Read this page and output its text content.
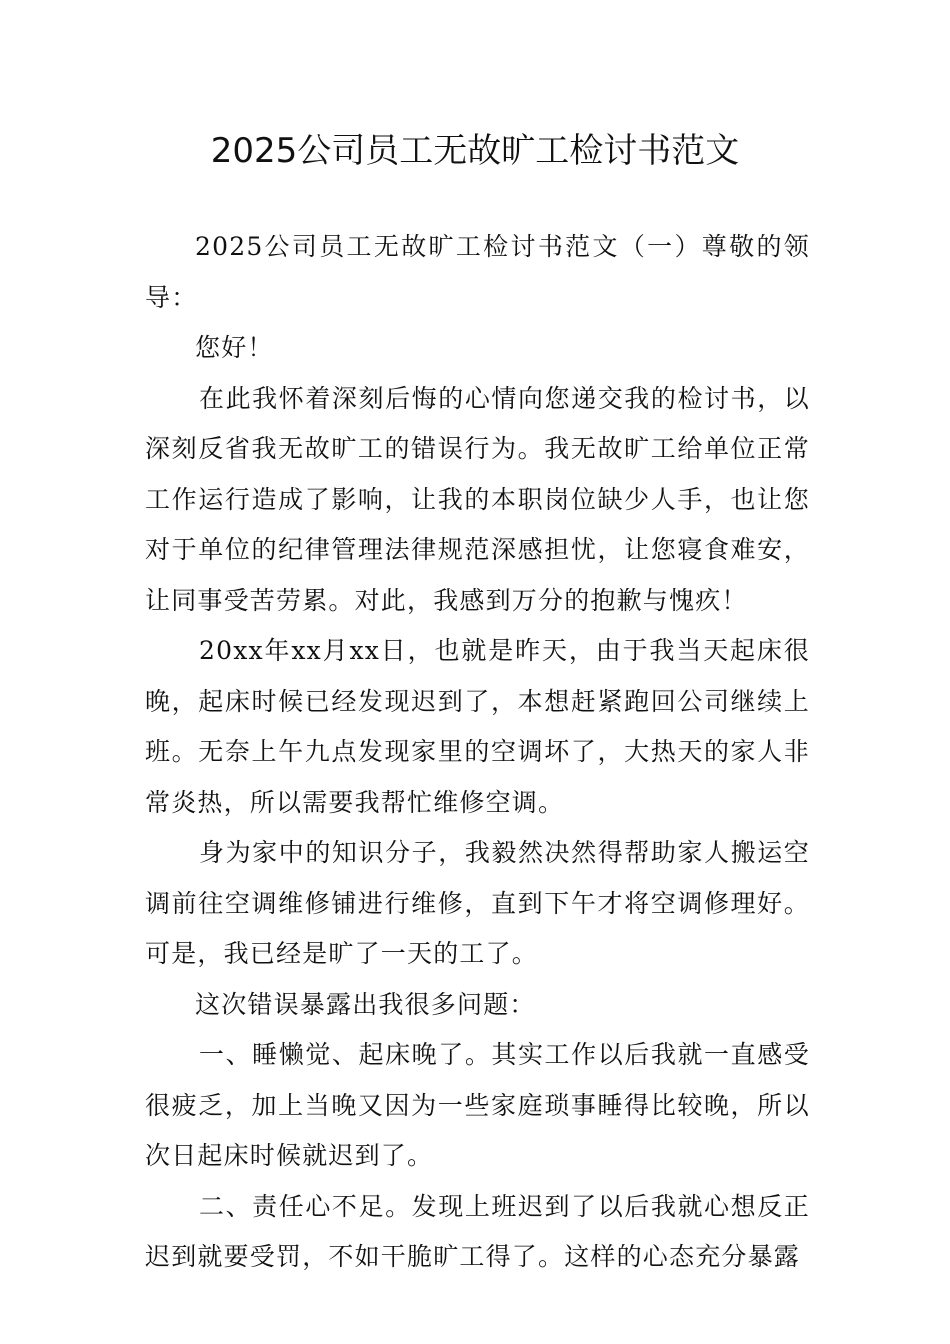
2025公司员工无故旷工检讨书范文

2025公司员工无故旷工检讨书范文（一）尊敬的领导：

您好！

在此我怀着深刻后悔的心情向您递交我的检讨书，以深刻反省我无故旷工的错误行为。我无故旷工给单位正常工作运行造成了影响，让我的本职岗位缺少人手，也让您对于单位的纪律管理法律规范深感担忧，让您寝食难安，让同事受苦劳累。对此，我感到万分的抱歉与愧疚！

20xx年xx月xx日，也就是昨天，由于我当天起床很晚，起床时候已经发现迟到了，本想赶紧跑回公司继续上班。无奈上午九点发现家里的空调坏了，大热天的家人非常炎热，所以需要我帮忙维修空调。

身为家中的知识分子，我毅然决然得帮助家人搬运空调前往空调维修铺进行维修，直到下午才将空调修理好。可是，我已经是旷了一天的工了。

这次错误暴露出我很多问题：

一、睡懒觉、起床晚了。其实工作以后我就一直感受很疲乏，加上当晚又因为一些家庭琐事睡得比较晚，所以次日起床时候就迟到了。

二、责任心不足。发现上班迟到了以后我就心想反正迟到就要受罚，不如干脆旷工得了。这样的心态充分暴露
